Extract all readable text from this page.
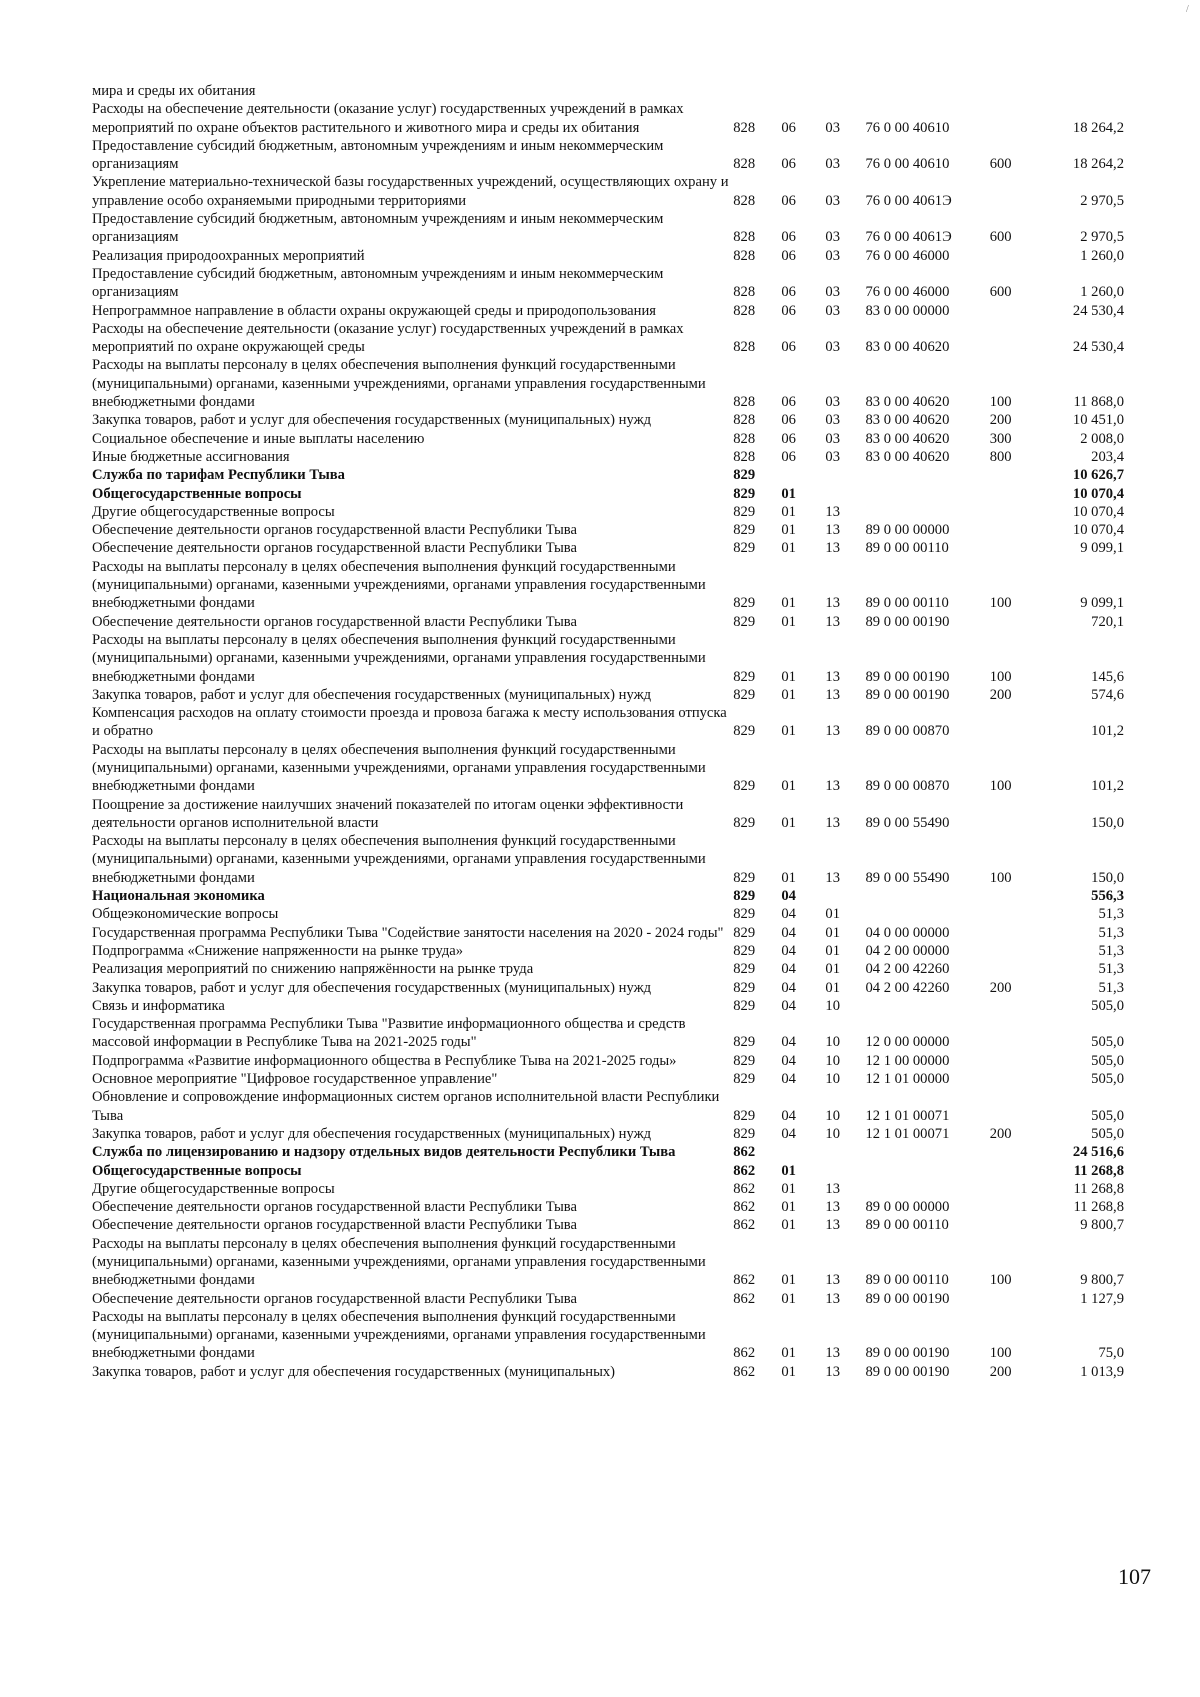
/
мира и среды их обитания						
Расходы на обеспечение деятельности (оказание услуг) государственных учреждений в рамках мероприятий по охране объектов растительного и животного мира и среды их обитания	828	06	03	76 0 00 40610		18 264,2
Предоставление субсидий бюджетным, автономным учреждениям и иным некоммерческим организациям	828	06	03	76 0 00 40610	600	18 264,2
Укрепление материально-технической базы государственных учреждений, осуществляющих охрану и управление особо охраняемыми природными территориями	828	06	03	76 0 00 4061Э		2 970,5
Предоставление субсидий бюджетным, автономным учреждениям и иным некоммерческим организациям	828	06	03	76 0 00 4061Э	600	2 970,5
Реализация природоохранных мероприятий	828	06	03	76 0 00 46000		1 260,0
Предоставление субсидий бюджетным, автономным учреждениям и иным некоммерческим организациям	828	06	03	76 0 00 46000	600	1 260,0
Непрограммное направление в области охраны окружающей среды и природопользования	828	06	03	83 0 00 00000		24 530,4
Расходы на обеспечение деятельности (оказание услуг) государственных учреждений в рамках мероприятий по охране окружающей среды	828	06	03	83 0 00 40620		24 530,4
Расходы на выплаты персоналу в целях обеспечения выполнения функций государственными (муниципальными) органами, казенными учреждениями, органами управления государственными внебюджетными фондами	828	06	03	83 0 00 40620	100	11 868,0
Закупка товаров, работ и услуг для обеспечения государственных (муниципальных) нужд	828	06	03	83 0 00 40620	200	10 451,0
Социальное обеспечение и иные выплаты населению	828	06	03	83 0 00 40620	300	2 008,0
Иные бюджетные ассигнования	828	06	03	83 0 00 40620	800	203,4
Служба по тарифам Республики Тыва	829					10 626,7
Общегосударственные вопросы	829	01				10 070,4
Другие общегосударственные вопросы	829	01	13			10 070,4
Обеспечение деятельности органов государственной власти Республики Тыва	829	01	13	89 0 00 00000		10 070,4
Обеспечение деятельности органов государственной власти Республики Тыва	829	01	13	89 0 00 00110		9 099,1
Расходы на выплаты персоналу в целях обеспечения выполнения функций государственными (муниципальными) органами, казенными учреждениями, органами управления государственными внебюджетными фондами	829	01	13	89 0 00 00110	100	9 099,1
Обеспечение деятельности органов государственной власти Республики Тыва	829	01	13	89 0 00 00190		720,1
Расходы на выплаты персоналу в целях обеспечения выполнения функций государственными (муниципальными) органами, казенными учреждениями, органами управления государственными внебюджетными фондами	829	01	13	89 0 00 00190	100	145,6
Закупка товаров, работ и услуг для обеспечения государственных (муниципальных) нужд	829	01	13	89 0 00 00190	200	574,6
Компенсация расходов на оплату стоимости проезда и провоза багажа к месту использования отпуска и обратно	829	01	13	89 0 00 00870		101,2
Расходы на выплаты персоналу в целях обеспечения выполнения функций государственными (муниципальными) органами, казенными учреждениями, органами управления государственными внебюджетными фондами	829	01	13	89 0 00 00870	100	101,2
Поощрение за достижение наилучших значений показателей по итогам оценки эффективности деятельности органов исполнительной власти	829	01	13	89 0 00 55490		150,0
Расходы на выплаты персоналу в целях обеспечения выполнения функций государственными (муниципальными) органами, казенными учреждениями, органами управления государственными внебюджетными фондами	829	01	13	89 0 00 55490	100	150,0
Национальная экономика	829	04				556,3
Общеэкономические вопросы	829	04	01			51,3
Государственная программа Республики Тыва "Содействие занятости населения на 2020 - 2024 годы"	829	04	01	04 0 00 00000		51,3
Подпрограмма «Снижение напряженности на рынке труда»	829	04	01	04 2 00 00000		51,3
Реализация мероприятий по снижению напряжённости на рынке труда	829	04	01	04 2 00 42260		51,3
Закупка товаров, работ и услуг для обеспечения государственных (муниципальных) нужд	829	04	01	04 2 00 42260	200	51,3
Связь и информатика	829	04	10			505,0
Государственная программа Республики Тыва "Развитие информационного общества и средств массовой информации в Республике Тыва на 2021-2025 годы"	829	04	10	12 0 00 00000		505,0
Подпрограмма «Развитие информационного общества в Республике Тыва на 2021-2025 годы»	829	04	10	12 1 00 00000		505,0
Основное мероприятие "Цифровое государственное управление"	829	04	10	12 1 01 00000		505,0
Обновление и сопровождение информационных систем органов исполнительной власти Республики Тыва	829	04	10	12 1 01 00071		505,0
Закупка товаров, работ и услуг для обеспечения государственных (муниципальных) нужд	829	04	10	12 1 01 00071	200	505,0
Служба по лицензированию и надзору отдельных видов деятельности Республики Тыва	862					24 516,6
Общегосударственные вопросы	862	01				11 268,8
Другие общегосударственные вопросы	862	01	13			11 268,8
Обеспечение деятельности органов государственной власти Республики Тыва	862	01	13	89 0 00 00000		11 268,8
Обеспечение деятельности органов государственной власти Республики Тыва	862	01	13	89 0 00 00110		9 800,7
Расходы на выплаты персоналу в целях обеспечения выполнения функций государственными (муниципальными) органами, казенными учреждениями, органами управления государственными внебюджетными фондами	862	01	13	89 0 00 00110	100	9 800,7
Обеспечение деятельности органов государственной власти Республики Тыва	862	01	13	89 0 00 00190		1 127,9
Расходы на выплаты персоналу в целях обеспечения выполнения функций государственными (муниципальными) органами, казенными учреждениями, органами управления государственными внебюджетными фондами	862	01	13	89 0 00 00190	100	75,0
Закупка товаров, работ и услуг для обеспечения государственных (муниципальных)	862	01	13	89 0 00 00190	200	1 013,9
107
